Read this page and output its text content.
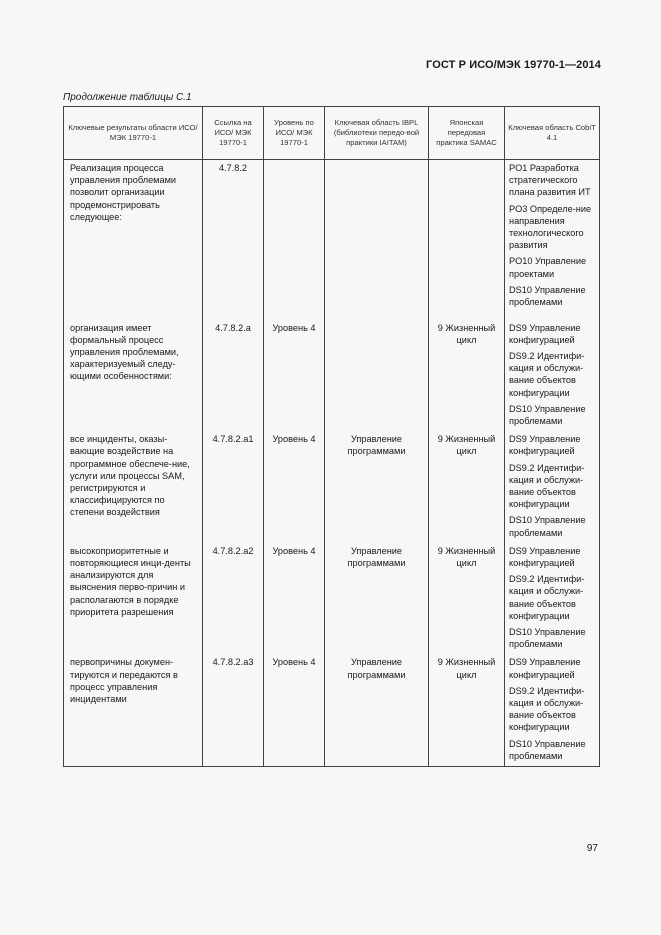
ГОСТ Р ИСО/МЭК 19770-1—2014
Продолжение таблицы С.1
Ключевые результаты области ИСО/МЭК 19770-1	Ссылка на ИСО/ МЭК 19770-1	Уровень по ИСО/ МЭК 19770-1	Ключевая область IBPL (библиотеки передо-вой практики IAITAM)	Японская передовая практика SAMAC	Ключевая область CobiT 4.1
Реализация процесса управления проблемами позволит организации продемонстрировать следующее:	4.7.8.2				PO1 Разработка стратегического плана развития ИТ
PO3 Определе-ние направления технологического развития
PO10 Управление проектами
DS10 Управление проблемами

организация имеет формальный процесс управления проблемами, характеризуемый следу-ющими особенностями:	4.7.8.2.a	Уровень 4		9 Жизненный цикл	DS9 Управление конфигурацией
DS9.2 Идентифи-кация и обслужи-вание объектов конфигурации
DS10 Управление проблемами

все инциденты, оказы-вающие воздействие на программное обеспече-ние, услуги или процессы SAM, регистрируются и классифицируются по степени воздействия	4.7.8.2.a1	Уровень 4	Управление программами	9 Жизненный цикл	DS9 Управление конфигурацией
DS9.2 Идентифи-кация и обслужи-вание объектов конфигурации
DS10 Управление проблемами

высокоприоритетные и повторяющиеся инци-денты анализируются для выяснения перво-причин и располагаются в порядке приоритета разрешения	4.7.8.2.a2	Уровень 4	Управление программами	9 Жизненный цикл	DS9 Управление конфигурацией
DS9.2 Идентифи-кация и обслужи-вание объектов конфигурации
DS10 Управление проблемами

первопричины докумен-тируются и передаются в процесс управления инцидентами	4.7.8.2.a3	Уровень 4	Управление программами	9 Жизненный цикл	DS9 Управление конфигурацией
DS9.2 Идентифи-кация и обслужи-вание объектов конфигурации
DS10 Управление проблемами
97
